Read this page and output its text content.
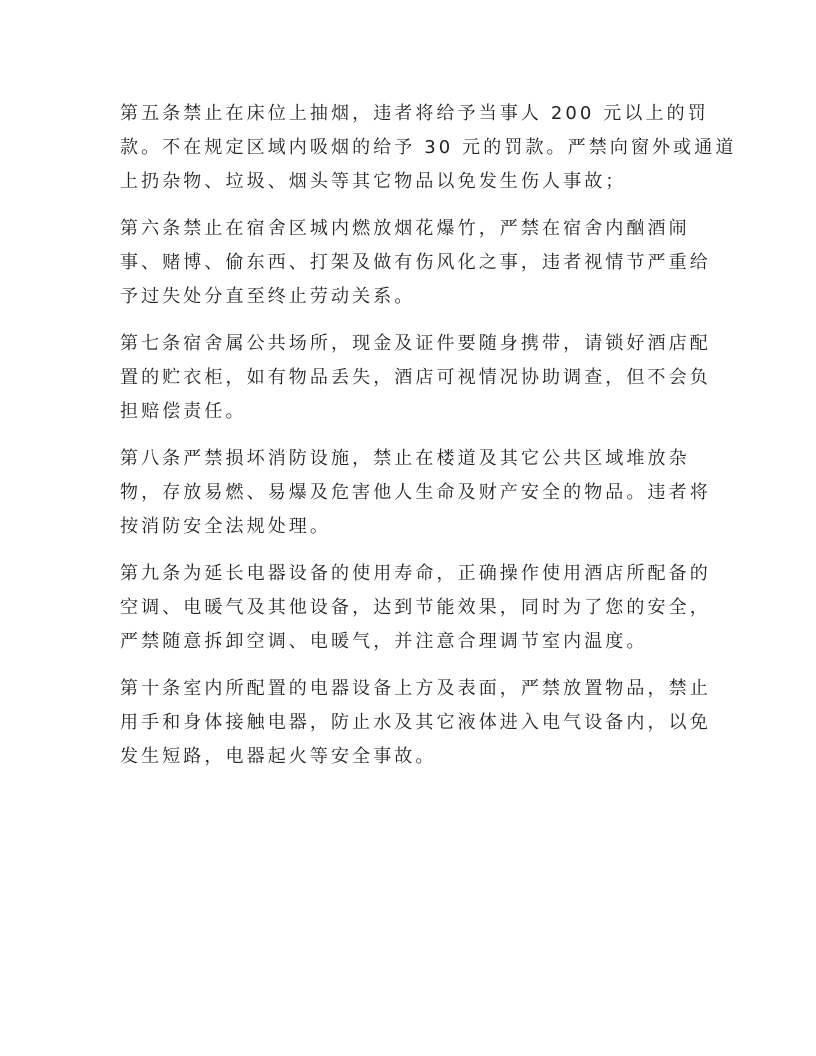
第五条禁止在床位上抽烟，违者将给予当事人 200 元以上的罚
款。不在规定区域内吸烟的给予 30 元的罚款。严禁向窗外或通道
上扔杂物、垃圾、烟头等其它物品以免发生伤人事故；
第六条禁止在宿舍区城内燃放烟花爆竹，严禁在宿舍内酗酒闹
事、赌博、偷东西、打架及做有伤风化之事，违者视情节严重给
予过失处分直至终止劳动关系。
第七条宿舍属公共场所，现金及证件要随身携带，请锁好酒店配
置的贮衣柜，如有物品丢失，酒店可视情况协助调查，但不会负
担赔偿责任。
第八条严禁损坏消防设施，禁止在楼道及其它公共区域堆放杂
物，存放易燃、易爆及危害他人生命及财产安全的物品。违者将
按消防安全法规处理。
第九条为延长电器设备的使用寿命，正确操作使用酒店所配备的
空调、电暖气及其他设备，达到节能效果，同时为了您的安全，
严禁随意拆卸空调、电暖气，并注意合理调节室内温度。
第十条室内所配置的电器设备上方及表面，严禁放置物品，禁止
用手和身体接触电器，防止水及其它液体进入电气设备内，以免
发生短路，电器起火等安全事故。
